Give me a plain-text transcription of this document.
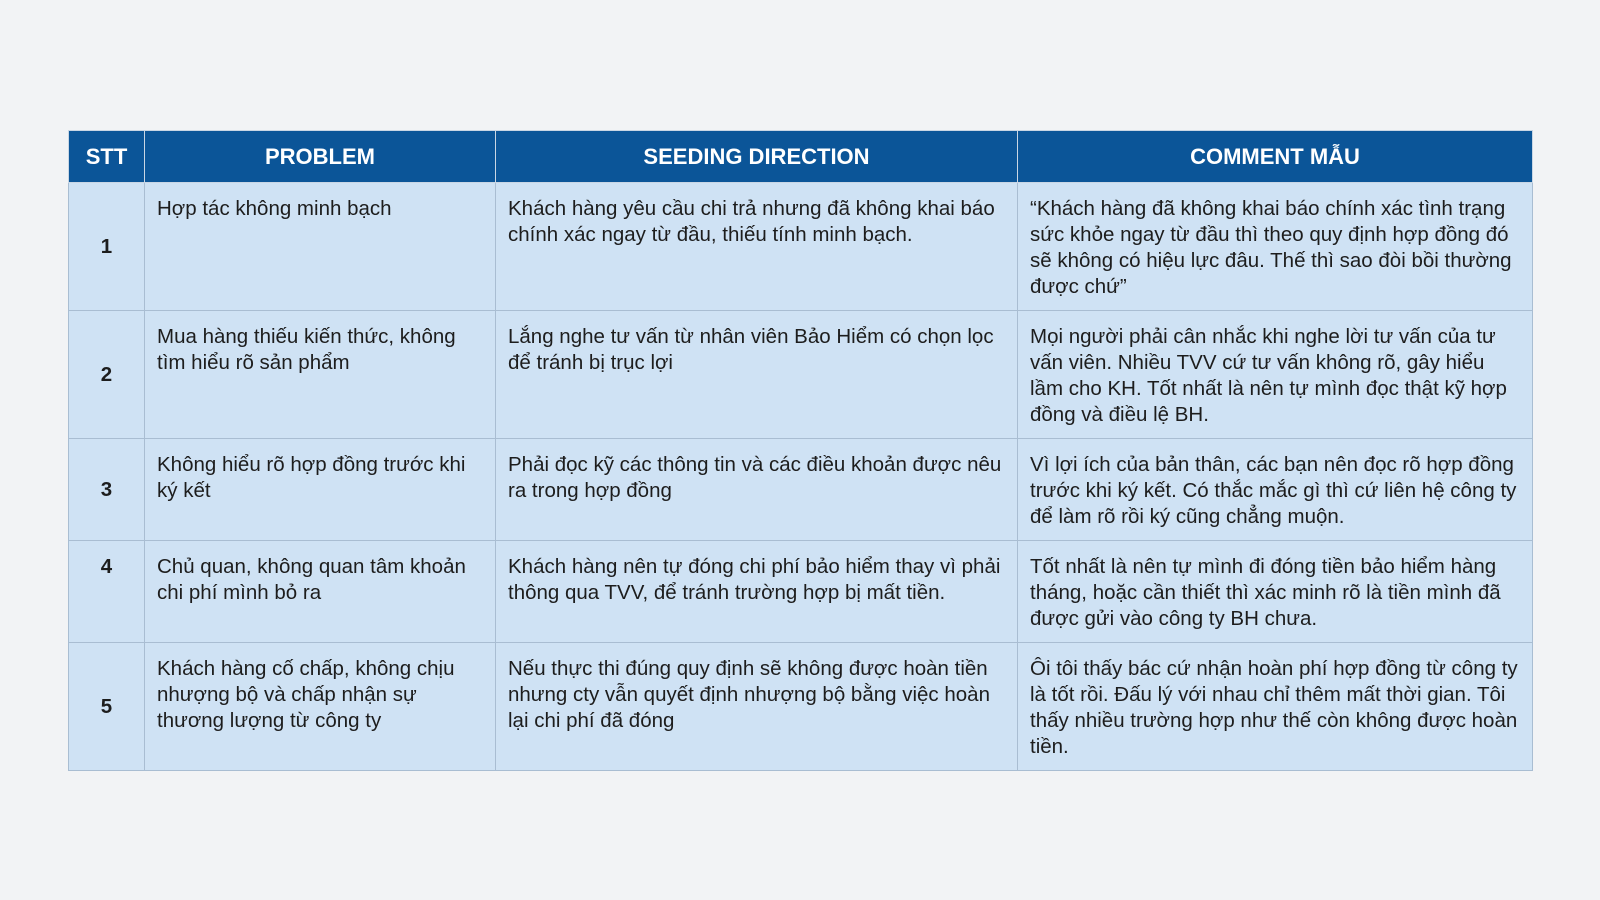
STT	PROBLEM	SEEDING DIRECTION	COMMENT MẪU
1	Hợp tác không minh bạch	Khách hàng yêu cầu chi trả nhưng đã không khai báo chính xác ngay từ đầu, thiếu tính minh bạch.	“Khách hàng đã không khai báo chính xác tình trạng sức khỏe ngay từ đầu thì theo quy định hợp đồng đó sẽ không có hiệu lực đâu. Thế thì sao đòi bồi thường được chứ”
2	Mua hàng thiếu kiến thức, không tìm hiểu rõ sản phẩm	Lắng nghe tư vấn từ nhân viên Bảo Hiểm có chọn lọc để tránh bị trục lợi	Mọi người phải cân nhắc khi nghe lời tư vấn của tư vấn viên. Nhiều TVV cứ tư vấn không rõ, gây hiểu lầm cho KH. Tốt nhất là nên tự mình đọc thật kỹ hợp đồng và điều lệ BH.
3	Không hiểu rõ hợp đồng trước khi ký kết	Phải đọc kỹ các thông tin và các điều khoản được nêu ra trong hợp đồng	Vì lợi ích của bản thân, các bạn nên đọc rõ hợp đồng trước khi ký kết. Có thắc mắc gì thì cứ liên hệ công ty để làm rõ rồi ký cũng chẳng muộn.
4	Chủ quan, không quan tâm khoản chi phí mình bỏ ra	Khách hàng nên tự đóng chi phí bảo hiểm thay vì phải thông qua TVV, để tránh trường hợp bị mất tiền.	Tốt nhất là nên tự mình đi đóng tiền bảo hiểm hàng tháng, hoặc cần thiết thì xác minh rõ là tiền mình đã được gửi vào công ty BH chưa.
5	Khách hàng cố chấp, không chịu nhượng bộ và chấp nhận sự thương lượng từ công ty	Nếu thực thi đúng quy định sẽ không được hoàn tiền nhưng cty vẫn quyết định nhượng bộ bằng việc hoàn lại chi phí đã đóng	Ôi tôi thấy bác cứ nhận hoàn phí hợp đồng từ công ty là tốt rồi. Đấu lý với nhau chỉ thêm mất thời gian. Tôi thấy nhiều trường hợp như thế còn không được hoàn tiền.
